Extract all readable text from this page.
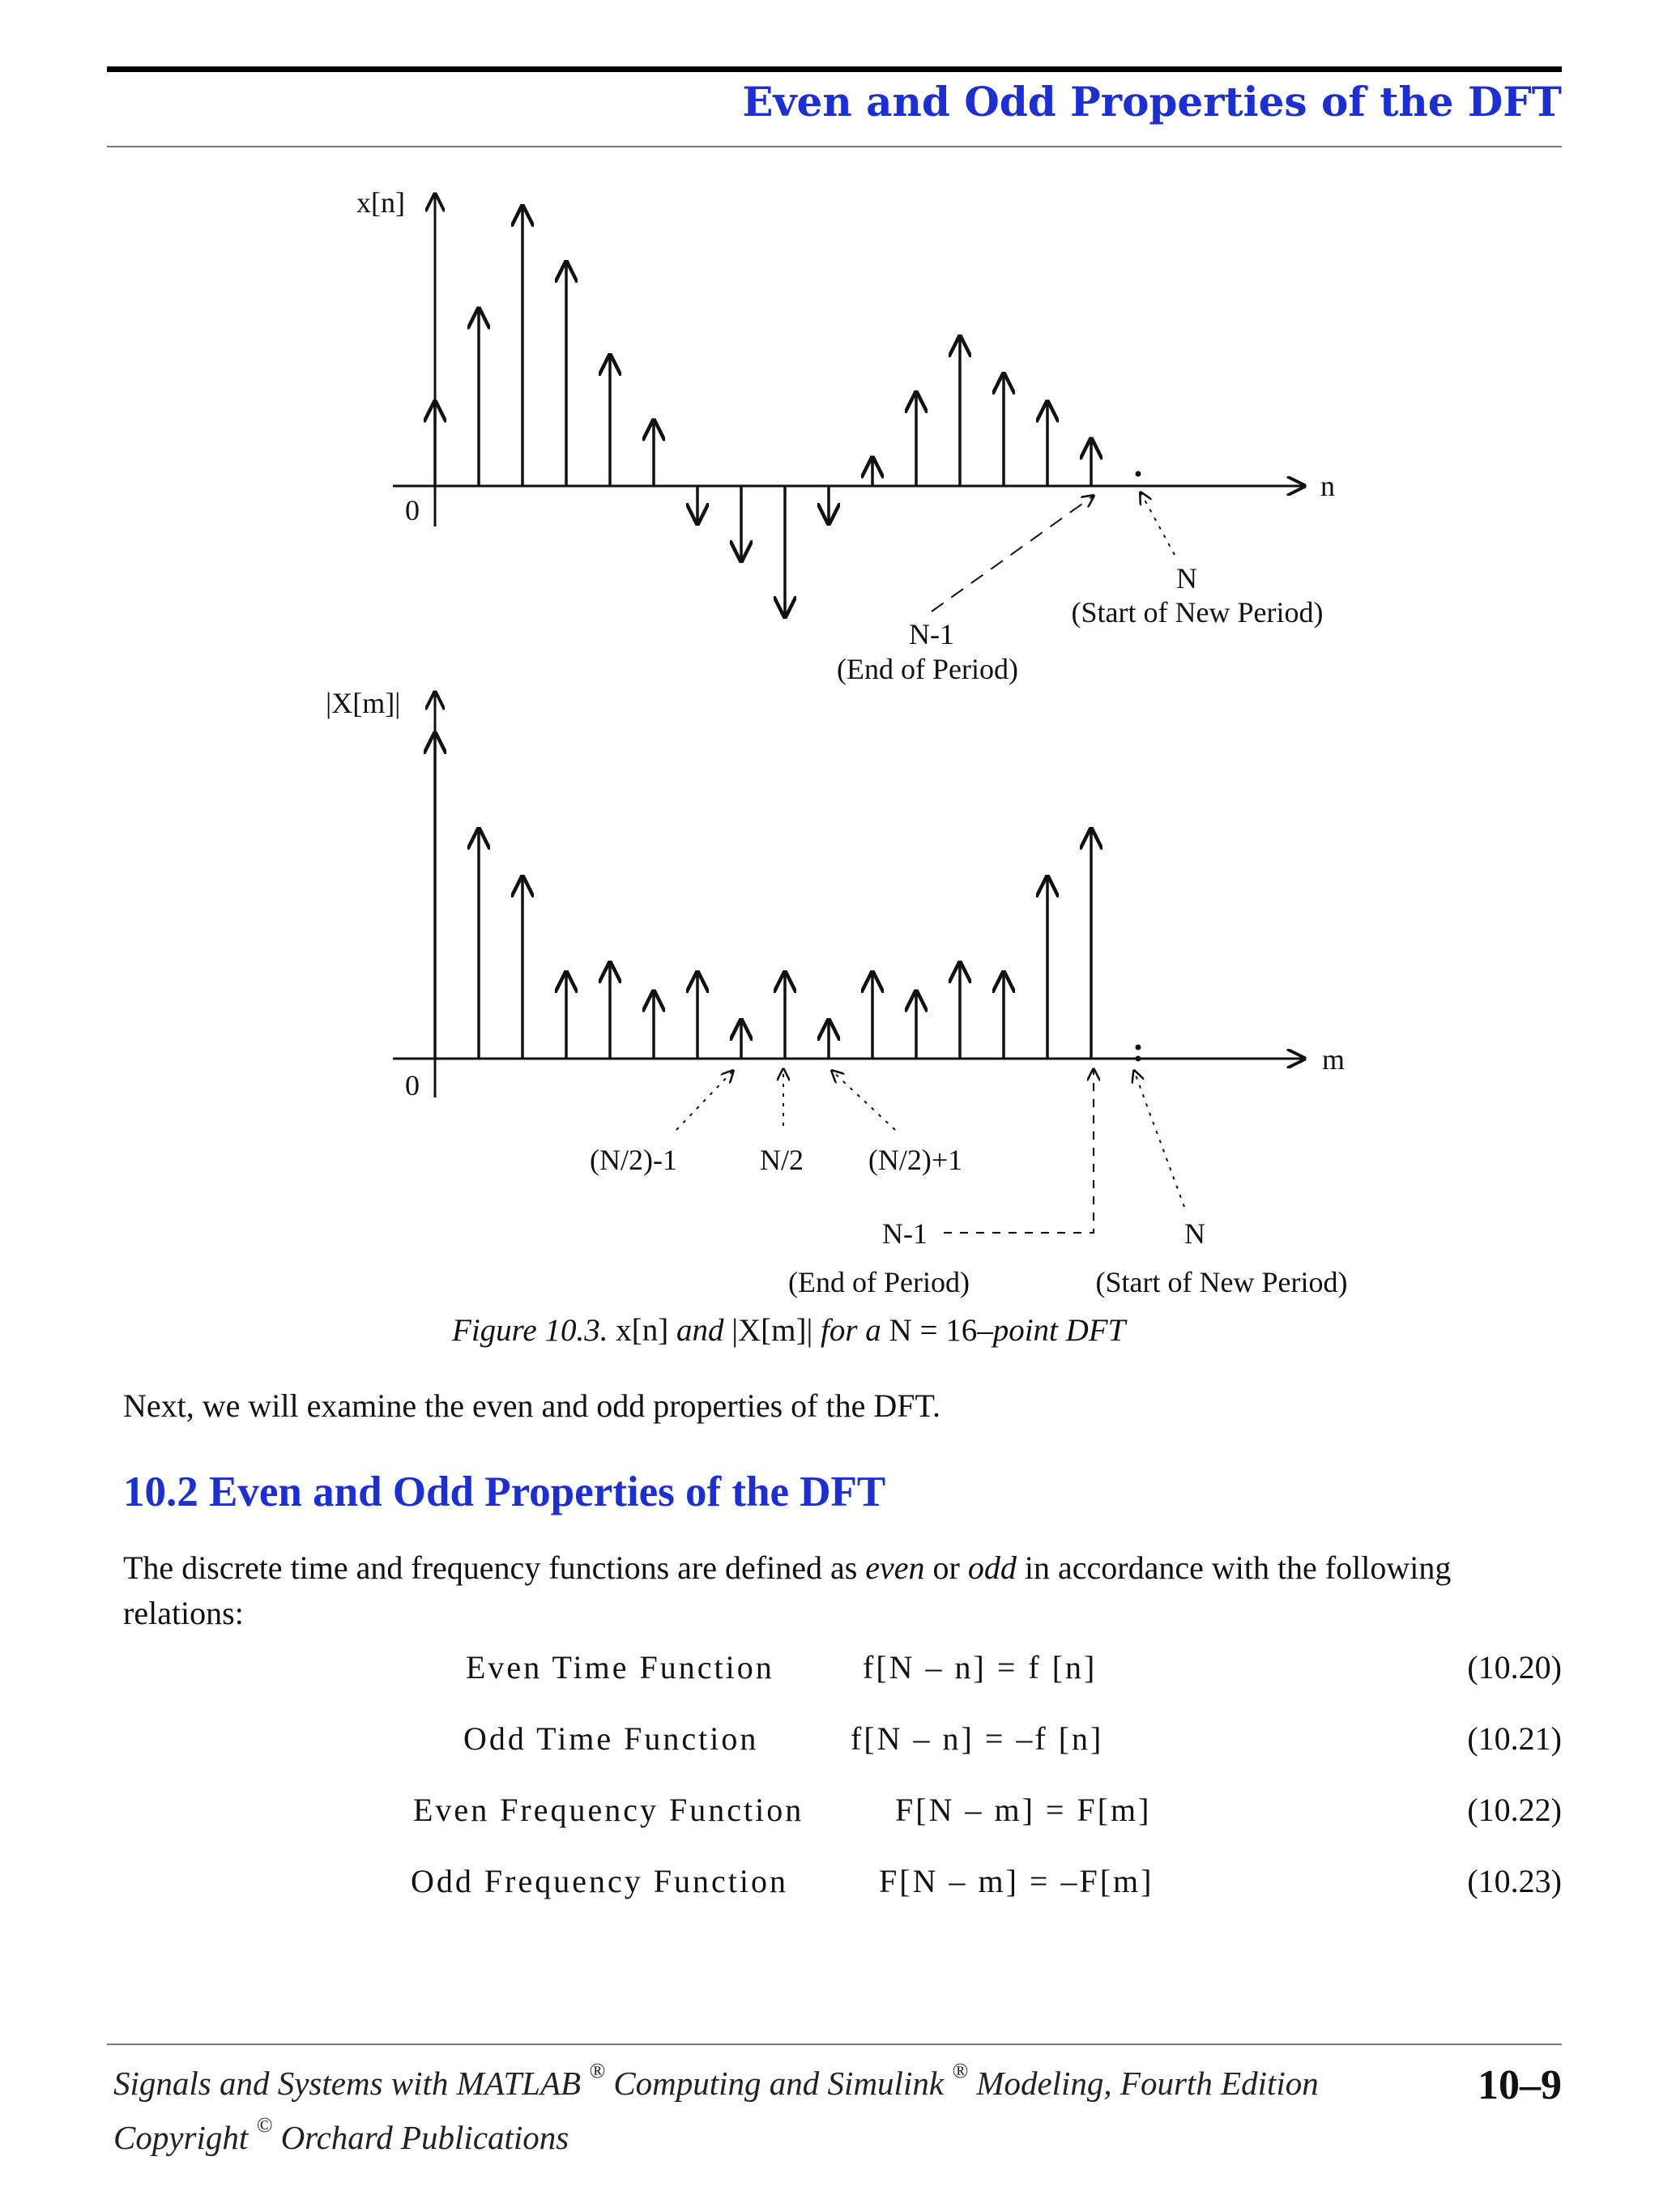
Even and Odd Properties of the DFT
x[n]
n
0
N-1
(End of Period)
N
(Start of New Period)
|X[m]|
m
0
(N/2)-1	N/2 (N/2)+1
N-1
(End of Period)
N
(Start of New Period)
Figure 10.3. x[n] and |X[m]| for a N = 16–point DFT
Next, we will examine the even and odd properties of the DFT.
10.2 Even and Odd Properties of the DFT
The discrete time and frequency functions are defined as even or odd in accordance with the following relations:
Even Time Function	f[N – n] = f [n]	(10.20)
Odd Time Function	f[N – n] = –f [n]	(10.21)
Even Frequency Function	F[N – m] = F[m]	(10.22)
Odd Frequency Function	F[N – m] = –F[m]	(10.23)
Signals and Systems with MATLAB ® Computing and Simulink ® Modeling, Fourth Edition	10–9
Copyright © Orchard Publications
